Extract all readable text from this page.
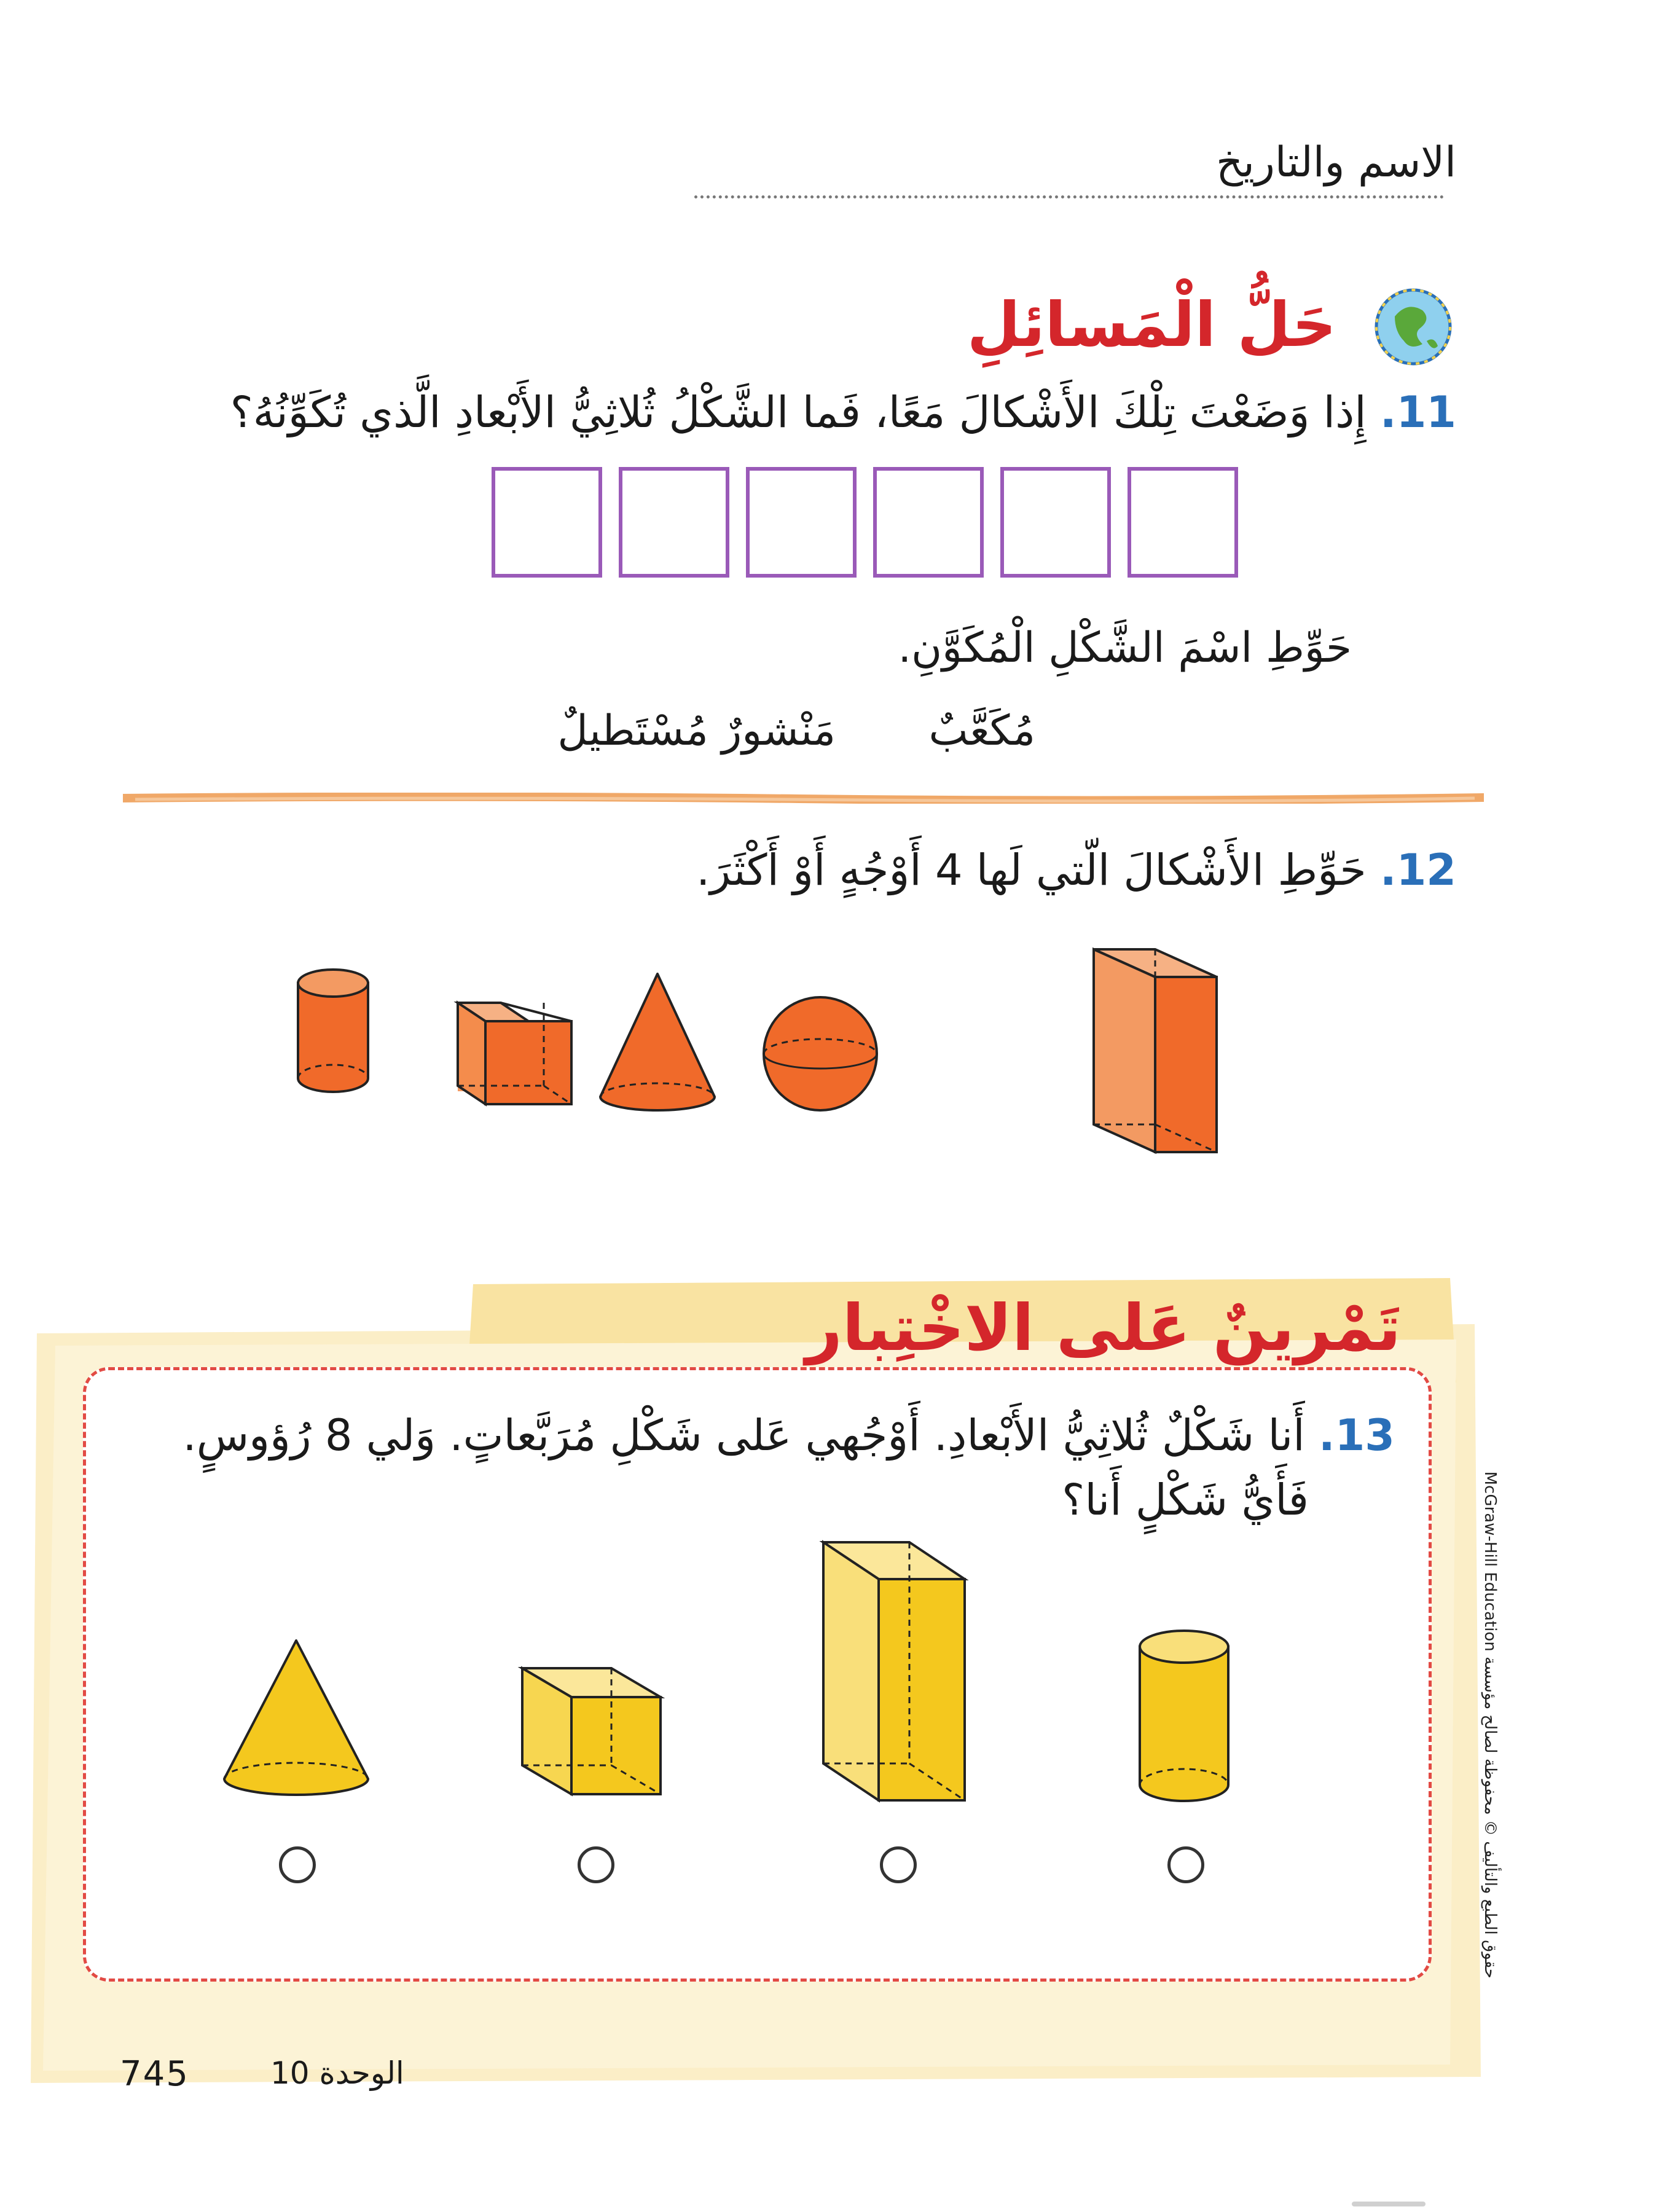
الاسم والتاريخ
حَلُّ الْمَسائِلِ
11. إِذا وَضَعْتَ تِلْكَ الأَشْكالَ مَعًا، فَما الشَّكْلُ ثُلاثِيُّ الأَبْعادِ الَّذي تُكَوِّنُهُ؟
حَوِّطِ اسْمَ الشَّكْلِ الْمُكَوَّنِ.
مُكَعَّبٌ
مَنْشورٌ مُسْتَطيلٌ
12. حَوِّطِ الأَشْكالَ الّتي لَها 4 أَوْجُهٍ أَوْ أَكْثَرَ.
تَمْرينٌ عَلى الاخْتِبارِ
13. أَنا شَكْلٌ ثُلاثِيُّ الأَبْعادِ. أَوْجُهي عَلى شَكْلِ مُرَبَّعاتٍ. وَلي 8 رُؤوسٍ.
فَأَيُّ شَكْلٍ أَنا؟	حقوق الطبع والتأليف © محفوظة لصالح مؤسسة McGraw-Hill Education
الوحدة 10
745
